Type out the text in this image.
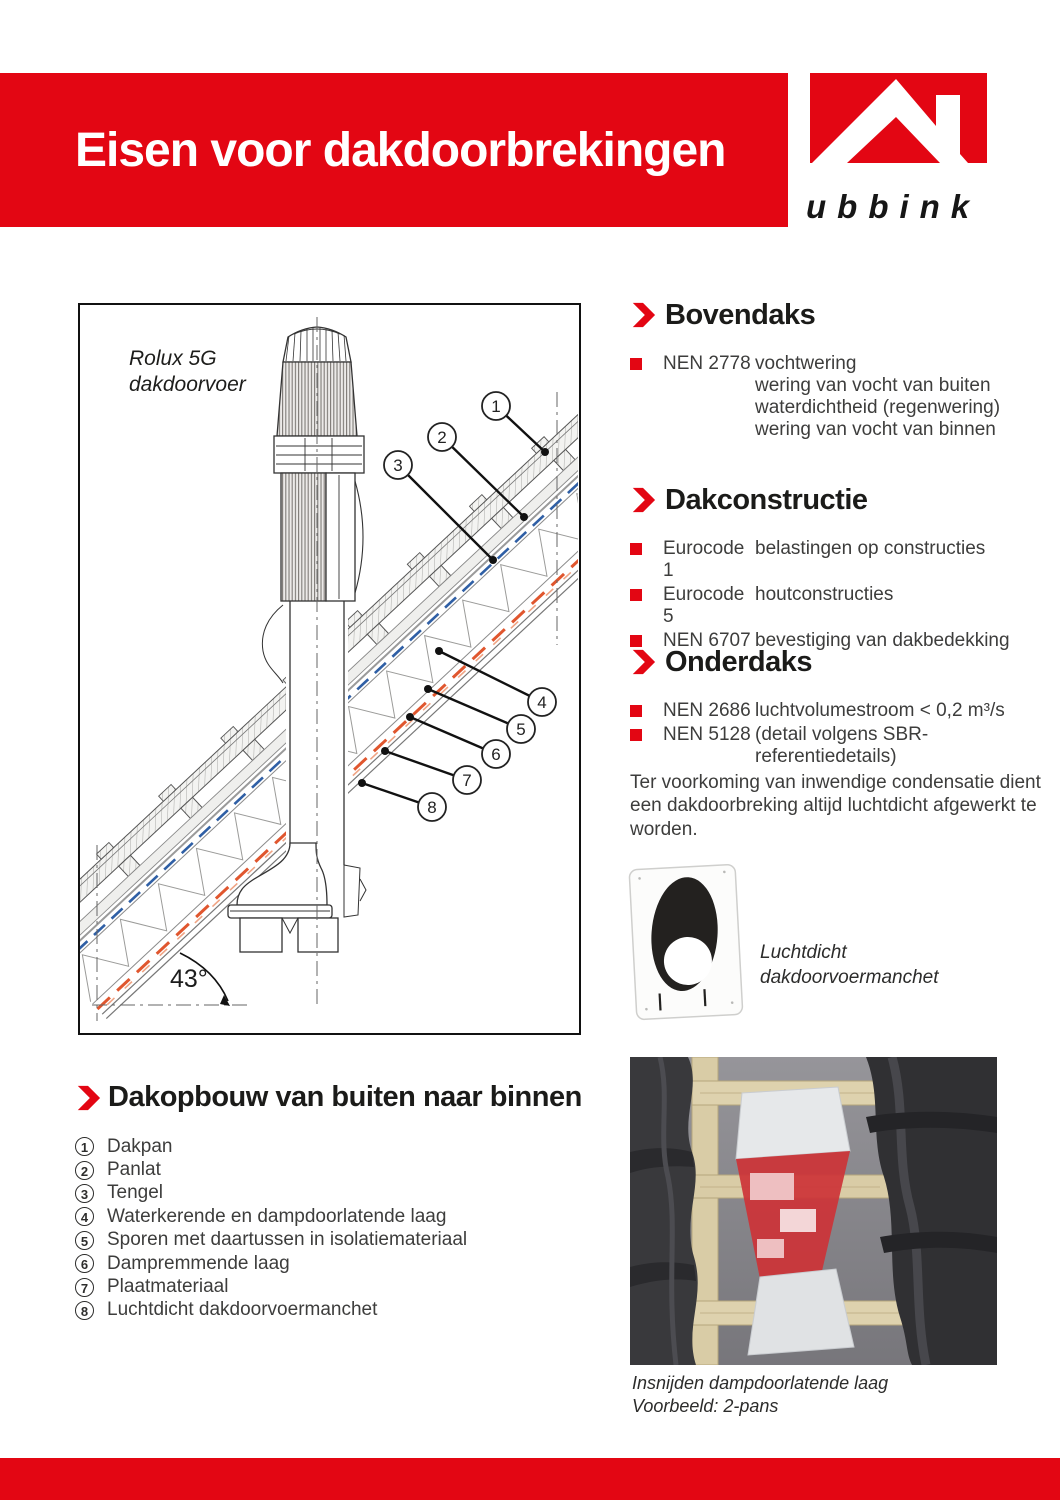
Eisen voor dakdoorbrekingen
ubbink
43°
1
2
3
4
5
6
7
8
Rolux 5G
dakdoorvoer
Bovendaks
NEN 2778 vochtwering
wering van vocht van buiten
waterdichtheid (regenwering)
wering van vocht van binnen
Dakconstructie
Eurocode 1
belastingen op constructies
Eurocode 5
houtconstructies
NEN 6707 bevestiging van dakbedekking
Onderdaks
NEN 2686 luchtvolumestroom < 0,2 m³/s
NEN 5128 (detail volgens SBR-
referentiedetails)
Ter voorkoming van inwendige condensatie dient een dakdoorbreking altijd luchtdicht afgewerkt te worden.
Luchtdicht
dakdoorvoermanchet
Dakopbouw van buiten naar binnen
1 Dakpan
2 Panlat
3 Tengel
4 Waterkerende en dampdoorlatende laag
5 Sporen met daartussen in isolatiemateriaal
6 Dampremmende laag
7 Plaatmateriaal
8 Luchtdicht dakdoorvoermanchet
Insnijden dampdoorlatende laag
Voorbeeld: 2-pans
